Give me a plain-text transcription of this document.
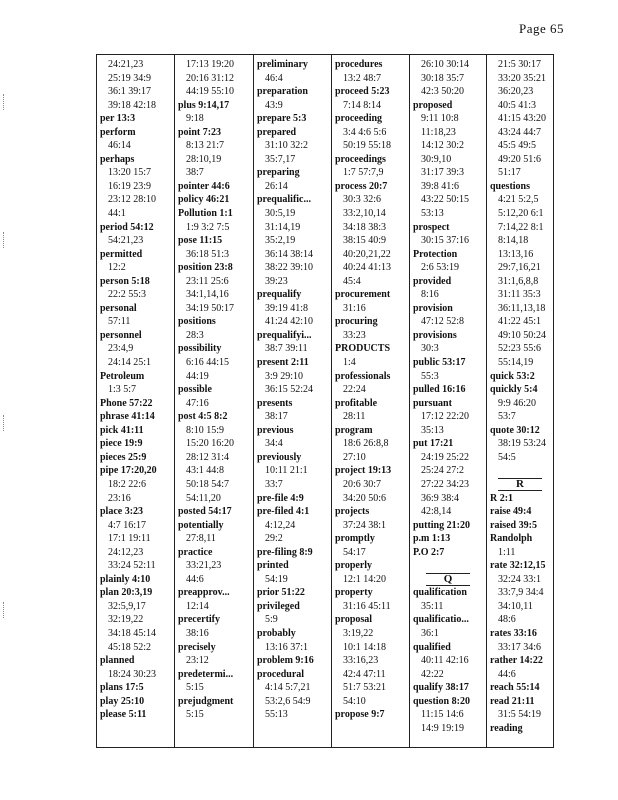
Page 65
24:21,23
25:19 34:9
36:1 39:17
39:18 42:18
per 13:3
perform
46:14
perhaps
13:20 15:7
16:19 23:9
23:12 28:10
44:1
period 54:12
54:21,23
permitted
12:2
person 5:18
22:2 55:3
personal
57:11
personnel
23:4,9
24:14 25:1
Petroleum
1:3 5:7
Phone 57:22
phrase 41:14
pick 41:11
piece 19:9
pieces 25:9
pipe 17:20,20
18:2 22:6
23:16
place 3:23
4:7 16:17
17:1 19:11
24:12,23
33:24 52:11
plainly 4:10
plan 20:3,19
32:5,9,17
32:19,22
34:18 45:14
45:18 52:2
planned
18:24 30:23
plans 17:5
play 25:10
please 5:11
17:13 19:20
20:16 31:12
44:19 55:10
plus 9:14,17
9:18
point 7:23
8:13 21:7
28:10,19
38:7
pointer 44:6
policy 46:21
Pollution 1:1
1:9 3:2 7:5
pose 11:15
36:18 51:3
position 23:8
23:11 25:6
34:1,14,16
34:19 50:17
positions
28:3
possibility
6:16 44:15
44:19
possible
47:16
post 4:5 8:2
8:10 15:9
15:20 16:20
28:12 31:4
43:1 44:8
50:18 54:7
54:11,20
posted 54:17
potentially
27:8,11
practice
33:21,23
44:6
preapprov...
12:14
precertify
38:16
precisely
23:12
predetermi...
5:15
prejudgment
5:15
preliminary
46:4
preparation
43:9
prepare 5:3
prepared
31:10 32:2
35:7,17
preparing
26:14
prequalific...
30:5,19
31:14,19
35:2,19
36:14 38:14
38:22 39:10
39:23
prequalify
39:19 41:8
41:24 42:10
prequalifyi...
38:7 39:11
present 2:11
3:9 29:10
36:15 52:24
presents
38:17
previous
34:4
previously
10:11 21:1
33:7
pre-file 4:9
pre-filed 4:1
4:12,24
29:2
pre-filing 8:9
printed
54:19
prior 51:22
privileged
5:9
probably
13:16 37:1
problem 9:16
procedural
4:14 5:7,21
53:2,6 54:9
55:13
procedures
13:2 48:7
proceed 5:23
7:14 8:14
proceeding
3:4 4:6 5:6
50:19 55:18
proceedings
1:7 57:7,9
process 20:7
30:3 32:6
33:2,10,14
34:18 38:3
38:15 40:9
40:20,21,22
40:24 41:13
45:4
procurement
31:16
procuring
33:23
PRODUCTS
1:4
professionals
22:24
profitable
28:11
program
18:6 26:8,8
27:10
project 19:13
20:6 30:7
34:20 50:6
projects
37:24 38:1
promptly
54:17
properly
12:1 14:20
property
31:16 45:11
proposal
3:19,22
10:1 14:18
33:16,23
42:4 47:11
51:7 53:21
54:10
propose 9:7
26:10 30:14
30:18 35:7
42:3 50:20
proposed
9:11 10:8
11:18,23
14:12 30:2
30:9,10
31:17 39:3
39:8 41:6
43:22 50:15
53:13
prospect
30:15 37:16
Protection
2:6 53:19
provided
8:16
provision
47:12 52:8
provisions
30:3
public 53:17
55:3
pulled 16:16
pursuant
17:12 22:20
35:13
put 17:21
24:19 25:22
25:24 27:2
27:22 34:23
36:9 38:4
42:8,14
putting 21:20
p.m 1:13
P.O 2:7
Q
qualification
35:11
qualificatio...
36:1
qualified
40:11 42:16
42:22
qualify 38:17
question 8:20
11:15 14:6
14:9 19:19
21:5 30:17
33:20 35:21
36:20,23
40:5 41:3
41:15 43:20
43:24 44:7
45:5 49:5
49:20 51:6
51:17
questions
4:21 5:2,5
5:12,20 6:1
7:14,22 8:1
8:14,18
13:13,16
29:7,16,21
31:1,6,8,8
31:11 35:3
36:11,13,18
41:22 45:1
49:10 50:24
52:23 55:6
55:14,19
quick 53:2
quickly 5:4
9:9 46:20
53:7
quote 30:12
38:19 53:24
54:5
R
R 2:1
raise 49:4
raised 39:5
Randolph
1:11
rate 32:12,15
32:24 33:1
33:7,9 34:4
34:10,11
48:6
rates 33:16
33:17 34:6
rather 14:22
44:6
reach 55:14
read 21:11
31:5 54:19
reading
